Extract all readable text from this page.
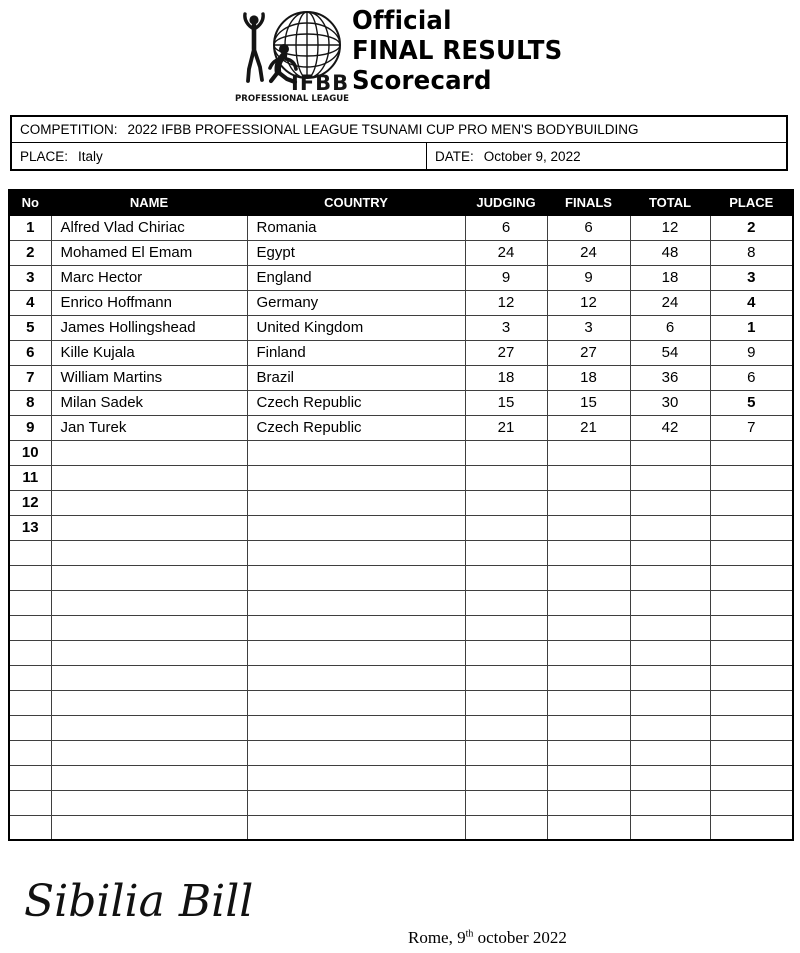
IFBB
PROFESSIONAL LEAGUE
Official
FINAL RESULTS
Scorecard
COMPETITION: 2022 IFBB PROFESSIONAL LEAGUE TSUNAMI CUP PRO MEN'S BODYBUILDING
PLACE: Italy	DATE: October 9, 2022
No	NAME	COUNTRY	JUDGING	FINALS	TOTAL	PLACE
1	Alfred Vlad Chiriac	Romania	6	6	12	2
2	Mohamed El Emam	Egypt	24	24	48	8
3	Marc Hector	England	9	9	18	3
4	Enrico Hoffmann	Germany	12	12	24	4
5	James Hollingshead	United Kingdom	3	3	6	1
6	Kille Kujala	Finland	27	27	54	9
7	William Martins	Brazil	18	18	36	6
8	Milan Sadek	Czech Republic	15	15	30	5
9	Jan Turek	Czech Republic	21	21	42	7
10						
11						
12						
13						

Sibilia Bill
Rome, 9th october 2022
